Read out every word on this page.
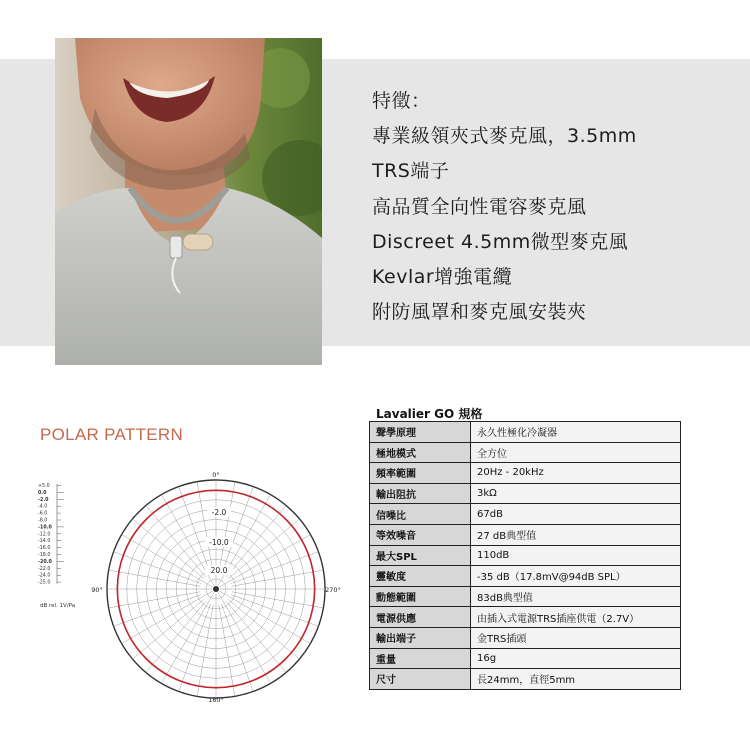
特徵：
專業級領夾式麥克風，3.5mm
TRS端子
高品質全向性電容麥克風
Discreet 4.5mm微型麥克風
Kevlar增強電纜
附防風罩和麥克風安裝夾
POLAR PATTERN
+5.0
0.0
-2.0
-4.0
-6.0
-8.0
-10.0
-12.0
-14.0
-16.0
-18.0
-20.0
-22.0
-24.0
-25.0
0°
180°
90°	270°
-2.0
-10.0
20.0
dB rel. 1V/Pa
Lavalier GO 規格
聲學原理	永久性極化冷凝器
極地模式	全方位
頻率範圍	20Hz - 20kHz
輸出阻抗	3kΩ
信噪比	67dB
等效噪音	27 dB典型值
最大SPL	110dB
靈敏度	-35 dB（17.8mV@94dB SPL）
動態範圍	83dB典型值
電源供應	由插入式電源TRS插座供電（2.7V）
輸出端子	金TRS插頭
重量	16g
尺寸	長24mm，直徑5mm
